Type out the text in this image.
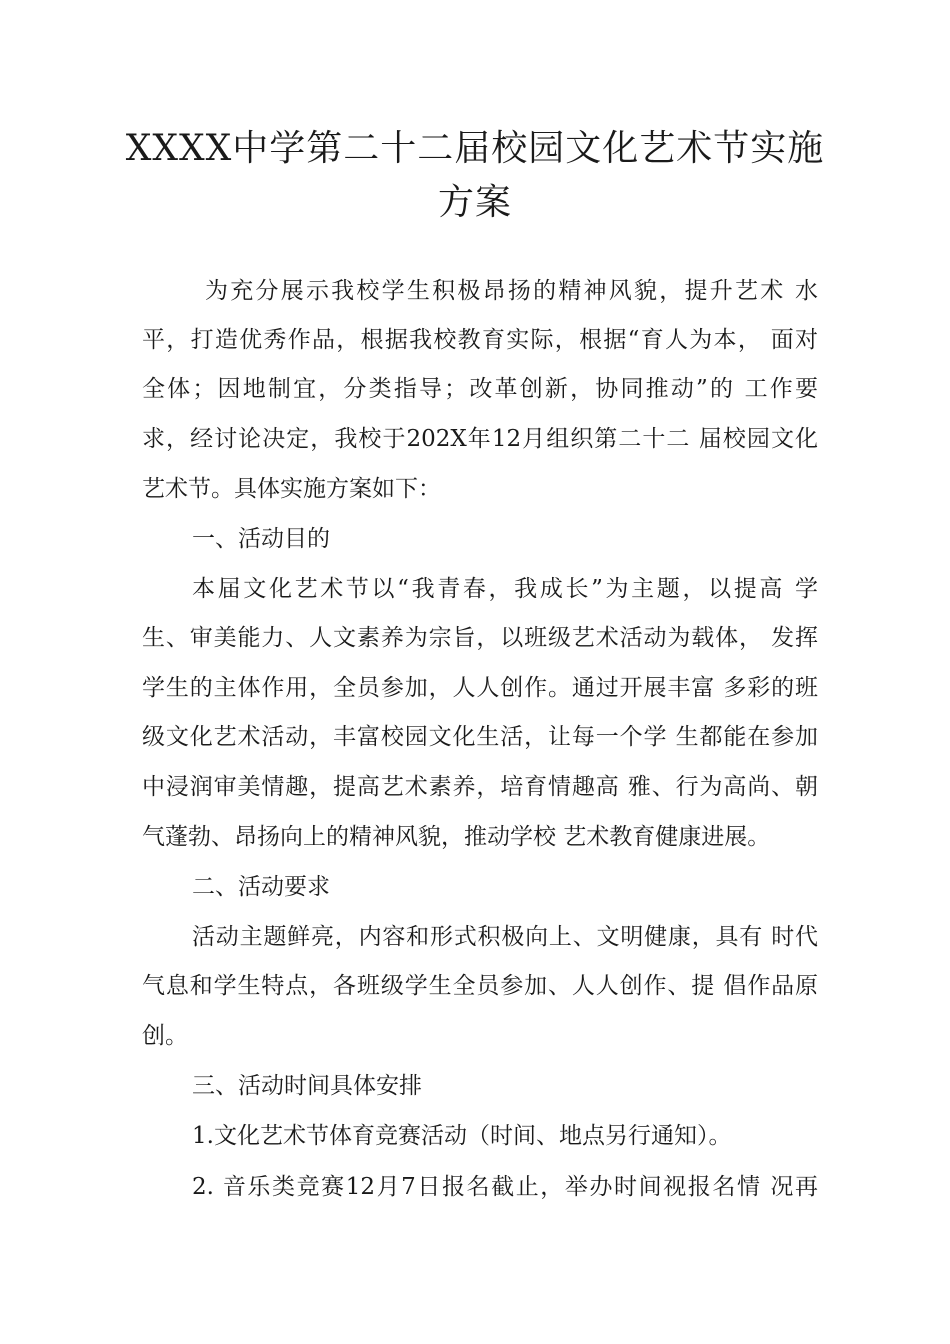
XXXX中学第二十二届校园文化艺术节实施
方案
为充分展示我校学生积极昂扬的精神风貌，提升艺术 水
平，打造优秀作品，根据我校教育实际，根据“育人为本， 面对
全体；因地制宜，分类指导；改革创新，协同推动”的 工作要
求，经讨论决定，我校于202X年12月组织第二十二 届校园文化
艺术节。具体实施方案如下：
一、活动目的
本届文化艺术节以“我青春，我成长”为主题，以提高 学
生、审美能力、人文素养为宗旨，以班级艺术活动为载体， 发挥
学生的主体作用，全员参加，人人创作。通过开展丰富 多彩的班
级文化艺术活动，丰富校园文化生活，让每一个学 生都能在参加
中浸润审美情趣，提高艺术素养，培育情趣高 雅、行为高尚、朝
气蓬勃、昂扬向上的精神风貌，推动学校 艺术教育健康进展。
二、活动要求
活动主题鲜亮，内容和形式积极向上、文明健康，具有 时代
气息和学生特点，各班级学生全员参加、人人创作、提 倡作品原
创。
三、活动时间具体安排
1.文化艺术节体育竞赛活动（时间、地点另行通知）。
2. 音乐类竞赛12月7日报名截止，举办时间视报名情 况再
